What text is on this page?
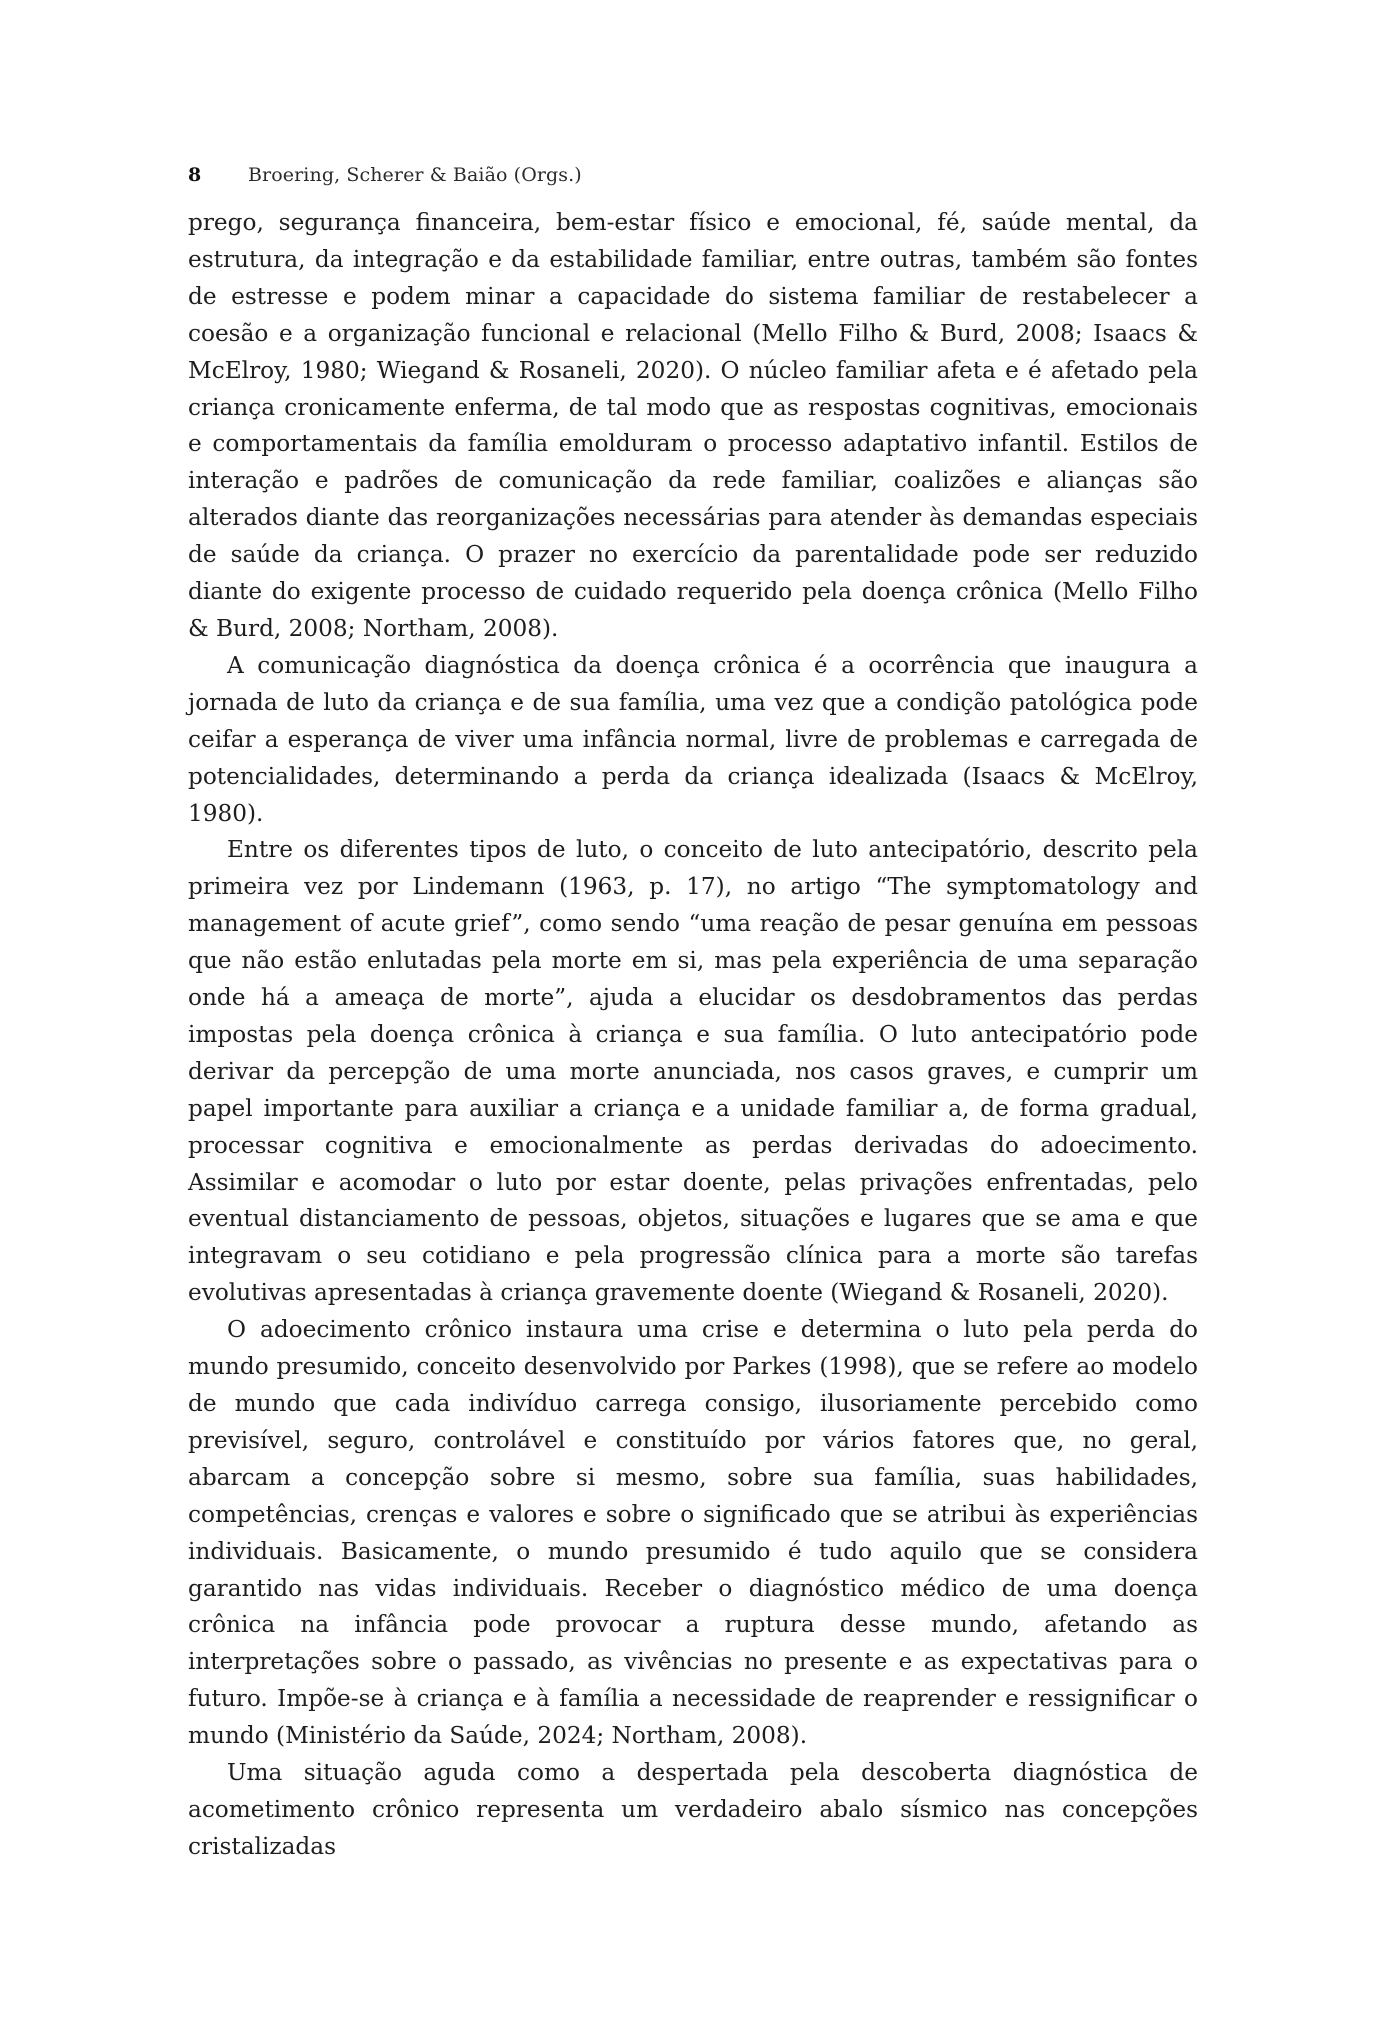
8 Broering, Scherer & Baião (Orgs.)

prego, segurança financeira, bem-estar físico e emocional, fé, saúde mental, da estrutura, da integração e da estabilidade familiar, entre outras, também são fontes de estresse e podem minar a capacidade do sistema familiar de restabelecer a coesão e a organização funcional e relacional (Mello Filho & Burd, 2008; Isaacs & McElroy, 1980; Wiegand & Rosaneli, 2020). O núcleo familiar afeta e é afetado pela criança cronicamente enferma, de tal modo que as respostas cognitivas, emocionais e comportamentais da família emolduram o processo adaptativo infantil. Estilos de interação e padrões de comunicação da rede familiar, coalizões e alianças são alterados diante das reorganizações necessárias para atender às demandas especiais de saúde da criança. O prazer no exercício da parentalidade pode ser reduzido diante do exigente processo de cuidado requerido pela doença crônica (Mello Filho & Burd, 2008; Northam, 2008).

A comunicação diagnóstica da doença crônica é a ocorrência que inaugura a jornada de luto da criança e de sua família, uma vez que a condição patológica pode ceifar a esperança de viver uma infância normal, livre de problemas e carregada de potencialidades, determinando a perda da criança idealizada (Isaacs & McElroy, 1980).

Entre os diferentes tipos de luto, o conceito de luto antecipatório, descrito pela primeira vez por Lindemann (1963, p. 17), no artigo “The symptomatology and management of acute grief”, como sendo “uma reação de pesar genuína em pessoas que não estão enlutadas pela morte em si, mas pela experiência de uma separação onde há a ameaça de morte”, ajuda a elucidar os desdobramentos das perdas impostas pela doença crônica à criança e sua família. O luto antecipatório pode derivar da percepção de uma morte anunciada, nos casos graves, e cumprir um papel importante para auxiliar a criança e a unidade familiar a, de forma gradual, processar cognitiva e emocionalmente as perdas derivadas do adoecimento. Assimilar e acomodar o luto por estar doente, pelas privações enfrentadas, pelo eventual distanciamento de pessoas, objetos, situações e lugares que se ama e que integravam o seu cotidiano e pela progressão clínica para a morte são tarefas evolutivas apresentadas à criança gravemente doente (Wiegand & Rosaneli, 2020).

O adoecimento crônico instaura uma crise e determina o luto pela perda do mundo presumido, conceito desenvolvido por Parkes (1998), que se refere ao modelo de mundo que cada indivíduo carrega consigo, ilusoriamente percebido como previsível, seguro, controlável e constituído por vários fatores que, no geral, abarcam a concepção sobre si mesmo, sobre sua família, suas habilidades, competências, crenças e valores e sobre o significado que se atribui às experiências individuais. Basicamente, o mundo presumido é tudo aquilo que se considera garantido nas vidas individuais. Receber o diagnóstico médico de uma doença crônica na infância pode provocar a ruptura desse mundo, afetando as interpretações sobre o passado, as vivências no presente e as expectativas para o futuro. Impõe-se à criança e à família a necessidade de reaprender e ressignificar o mundo (Ministério da Saúde, 2024; Northam, 2008).

Uma situação aguda como a despertada pela descoberta diagnóstica de acometimento crônico representa um verdadeiro abalo sísmico nas concepções cristalizadas
